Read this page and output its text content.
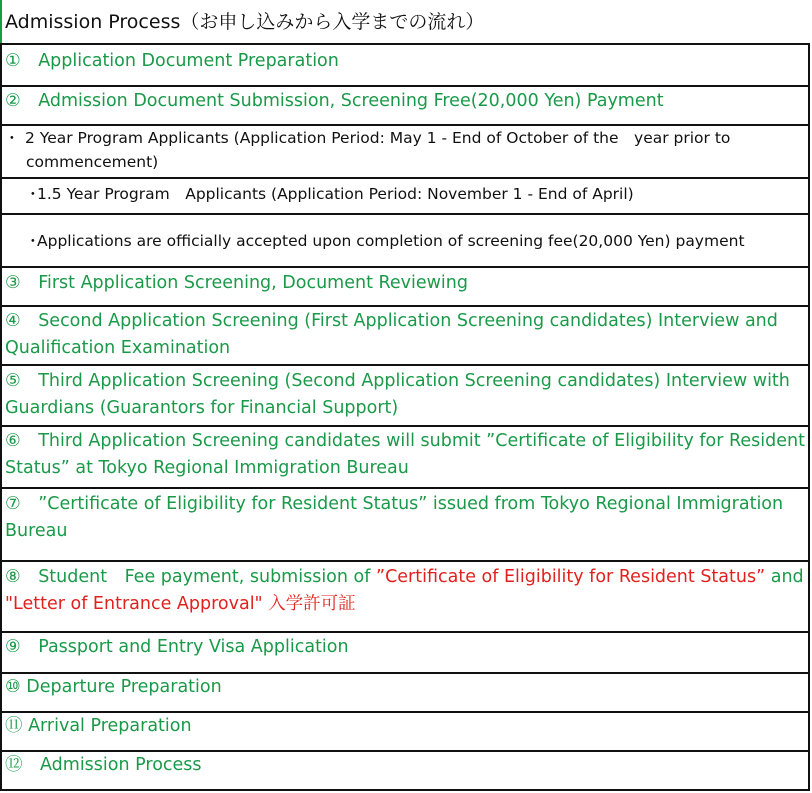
Admission Process（お申し込みから入学までの流れ）
①　Application Document Preparation
②　Admission Document Submission, Screening Free(20,000 Yen) Payment
･ 2 Year Program Applicants (Application Period: May 1 - End of October of the　year prior to commencement)
･1.5 Year Program　Applicants (Application Period: November 1 - End of April)
･Applications are officially accepted upon completion of screening fee(20,000 Yen) payment
③　First Application Screening, Document Reviewing
④　Second Application Screening (First Application Screening candidates) Interview and Qualification Examination
⑤　Third Application Screening (Second Application Screening candidates) Interview with Guardians (Guarantors for Financial Support)
⑥　Third Application Screening candidates will submit ”Certificate of Eligibility for Resident Status” at Tokyo Regional Immigration Bureau
⑦　”Certificate of Eligibility for Resident Status” issued from Tokyo Regional Immigration Bureau
⑧　Student　Fee payment, submission of ”Certificate of Eligibility for Resident Status” and "Letter of Entrance Approval" 入学許可証
⑨　Passport and Entry Visa Application
⑩ Departure Preparation
⑪ Arrival Preparation
⑫　Admission Process
